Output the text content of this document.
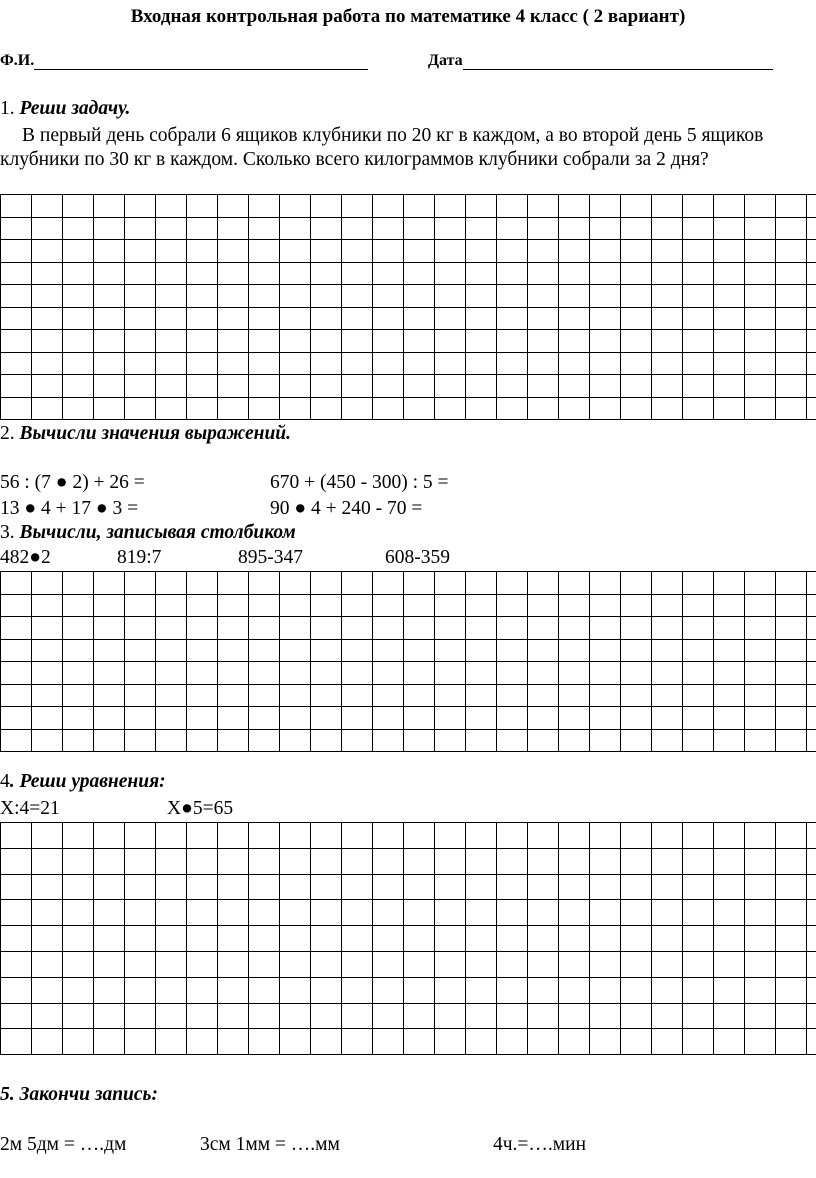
Входная контрольная работа по математике 4 класс ( 2 вариант)
Ф.И.	Дата
1. Реши задачу.
В первый день собрали 6 ящиков клубники по 20 кг в каждом, а во второй день 5 ящиков клубники по 30 кг в каждом. Сколько всего килограммов клубники собрали за 2 дня?

2. Вычисли значения выражений.
56 : (7 ● 2) + 26 =	670 + (450 - 300) : 5 =
13 ● 4 + 17 ● 3 =	90 ● 4 + 240 - 70 =
3. Вычисли, записывая столбиком
482●2	819:7	895-347	608-359

4. Реши уравнения:
Х:4=21	Х●5=65

5. Закончи запись:
2м 5дм = ….дм	3см 1мм = ….мм	4ч.=….мин
